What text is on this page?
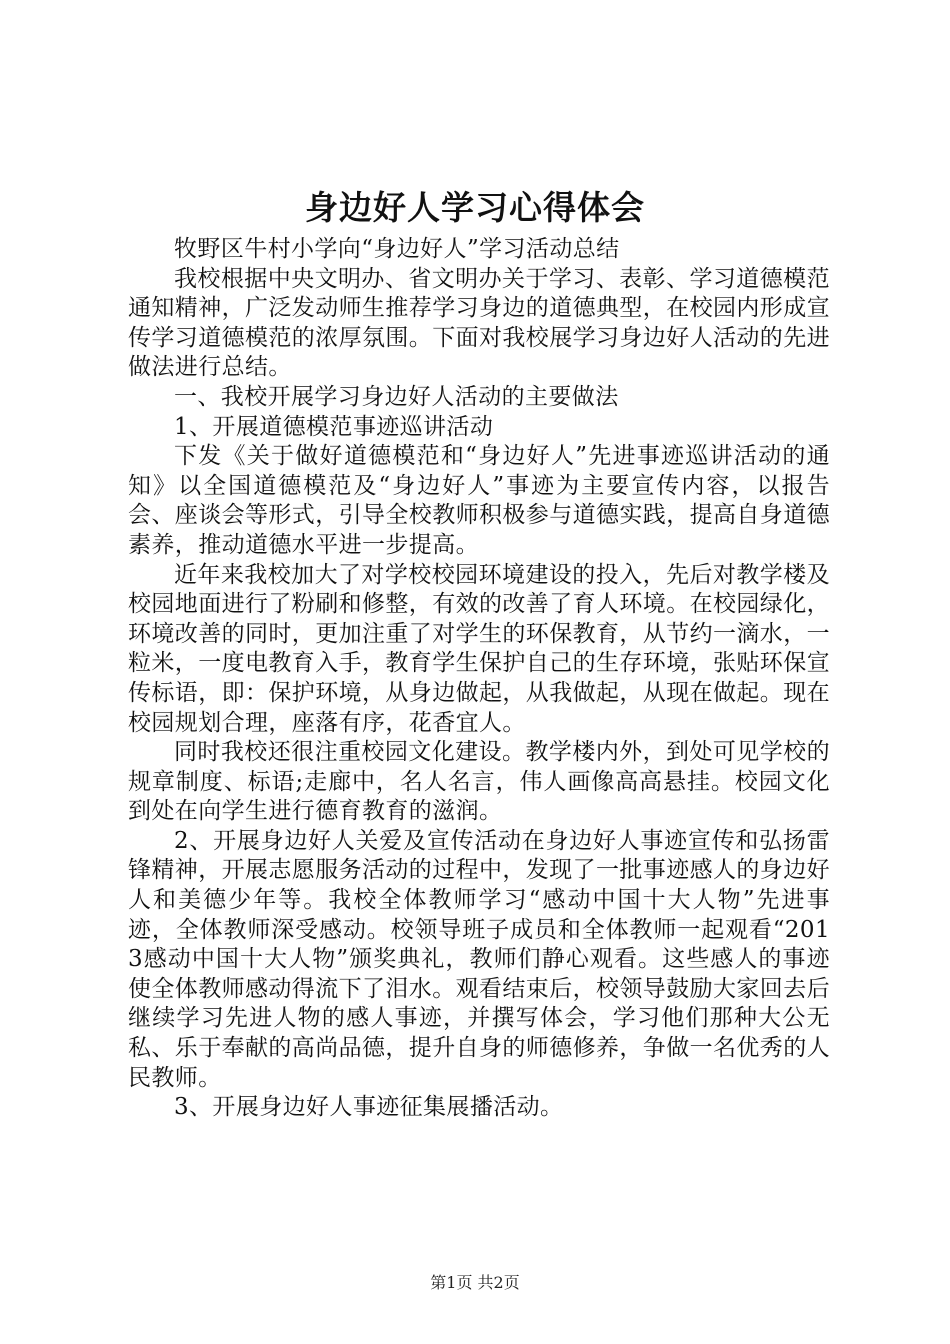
身边好人学习心得体会

牧野区牛村小学向“身边好人”学习活动总结

我校根据中央文明办、省文明办关于学习、表彰、学习道德模范通知精神，广泛发动师生推荐学习身边的道德典型，在校园内形成宣传学习道德模范的浓厚氛围。下面对我校展学习身边好人活动的先进做法进行总结。

一、我校开展学习身边好人活动的主要做法

1、开展道德模范事迹巡讲活动

下发《关于做好道德模范和“身边好人”先进事迹巡讲活动的通知》以全国道德模范及“身边好人”事迹为主要宣传内容，以报告会、座谈会等形式，引导全校教师积极参与道德实践，提高自身道德素养，推动道德水平进一步提高。

近年来我校加大了对学校校园环境建设的投入，先后对教学楼及校园地面进行了粉刷和修整，有效的改善了育人环境。在校园绿化，环境改善的同时，更加注重了对学生的环保教育，从节约一滴水，一粒米，一度电教育入手，教育学生保护自己的生存环境，张贴环保宣传标语，即：保护环境，从身边做起，从我做起，从现在做起。现在校园规划合理，座落有序，花香宜人。

同时我校还很注重校园文化建设。教学楼内外，到处可见学校的规章制度、标语;走廊中，名人名言，伟人画像高高悬挂。校园文化到处在向学生进行德育教育的滋润。

2、开展身边好人关爱及宣传活动在身边好人事迹宣传和弘扬雷锋精神，开展志愿服务活动的过程中，发现了一批事迹感人的身边好人和美德少年等。我校全体教师学习“感动中国十大人物”先进事迹，全体教师深受感动。校领导班子成员和全体教师一起观看“2013感动中国十大人物”颁奖典礼，教师们静心观看。这些感人的事迹使全体教师感动得流下了泪水。观看结束后，校领导鼓励大家回去后继续学习先进人物的感人事迹，并撰写体会，学习他们那种大公无私、乐于奉献的高尚品德，提升自身的师德修养，争做一名优秀的人民教师。

3、开展身边好人事迹征集展播活动。

第1页 共2页
